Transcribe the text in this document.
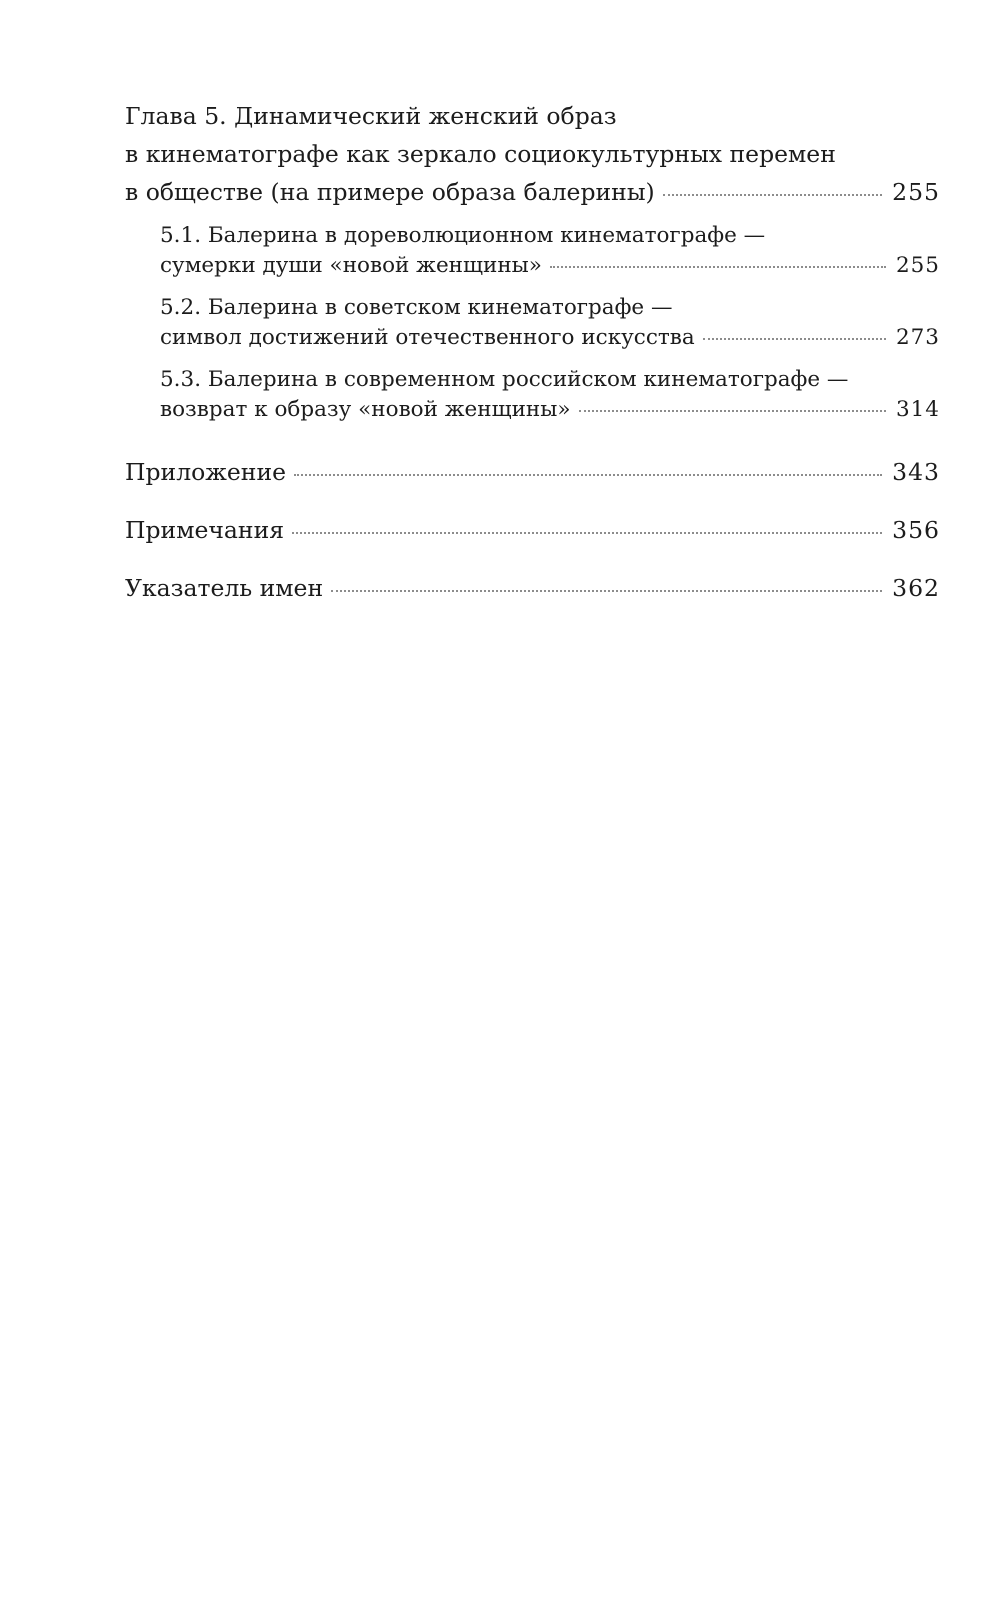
Глава 5. Динамический женский образ
в кинематографе как зеркало социокультурных перемен
в обществе (на примере образа балерины)	255
5.1. Балерина в дореволюционном кинематографе —
сумерки души «новой женщины»	255
5.2. Балерина в советском кинематографе —
символ достижений отечественного искусства	273
5.3. Балерина в современном российском кинематографе —
возврат к образу «новой женщины»	314
Приложение	343
Примечания	356
Указатель имен	362
